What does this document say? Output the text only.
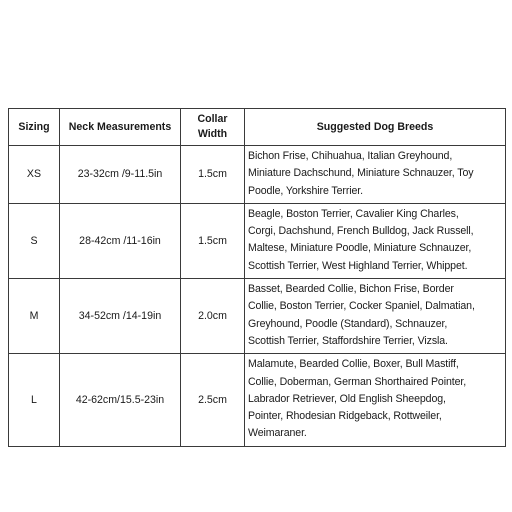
Sizing	Neck Measurements	Collar
Width	Suggested Dog Breeds
XS	23-32cm /9-11.5in	1.5cm	Bichon Frise, Chihuahua, Italian Greyhound,
Miniature Dachschund, Miniature Schnauzer, Toy
Poodle, Yorkshire Terrier.
S	28-42cm /11-16in	1.5cm	Beagle, Boston Terrier, Cavalier King Charles,
Corgi, Dachshund, French Bulldog, Jack Russell,
Maltese, Miniature Poodle, Miniature Schnauzer,
Scottish Terrier, West Highland Terrier, Whippet.
M	34-52cm /14-19in	2.0cm	Basset, Bearded Collie, Bichon Frise, Border
Collie, Boston Terrier, Cocker Spaniel, Dalmatian,
Greyhound, Poodle (Standard), Schnauzer,
Scottish Terrier, Staffordshire Terrier, Vizsla.
L	42-62cm/15.5-23in	2.5cm	Malamute, Bearded Collie, Boxer, Bull Mastiff,
Collie, Doberman, German Shorthaired Pointer,
Labrador Retriever, Old English Sheepdog,
Pointer, Rhodesian Ridgeback, Rottweiler,
Weimaraner.
